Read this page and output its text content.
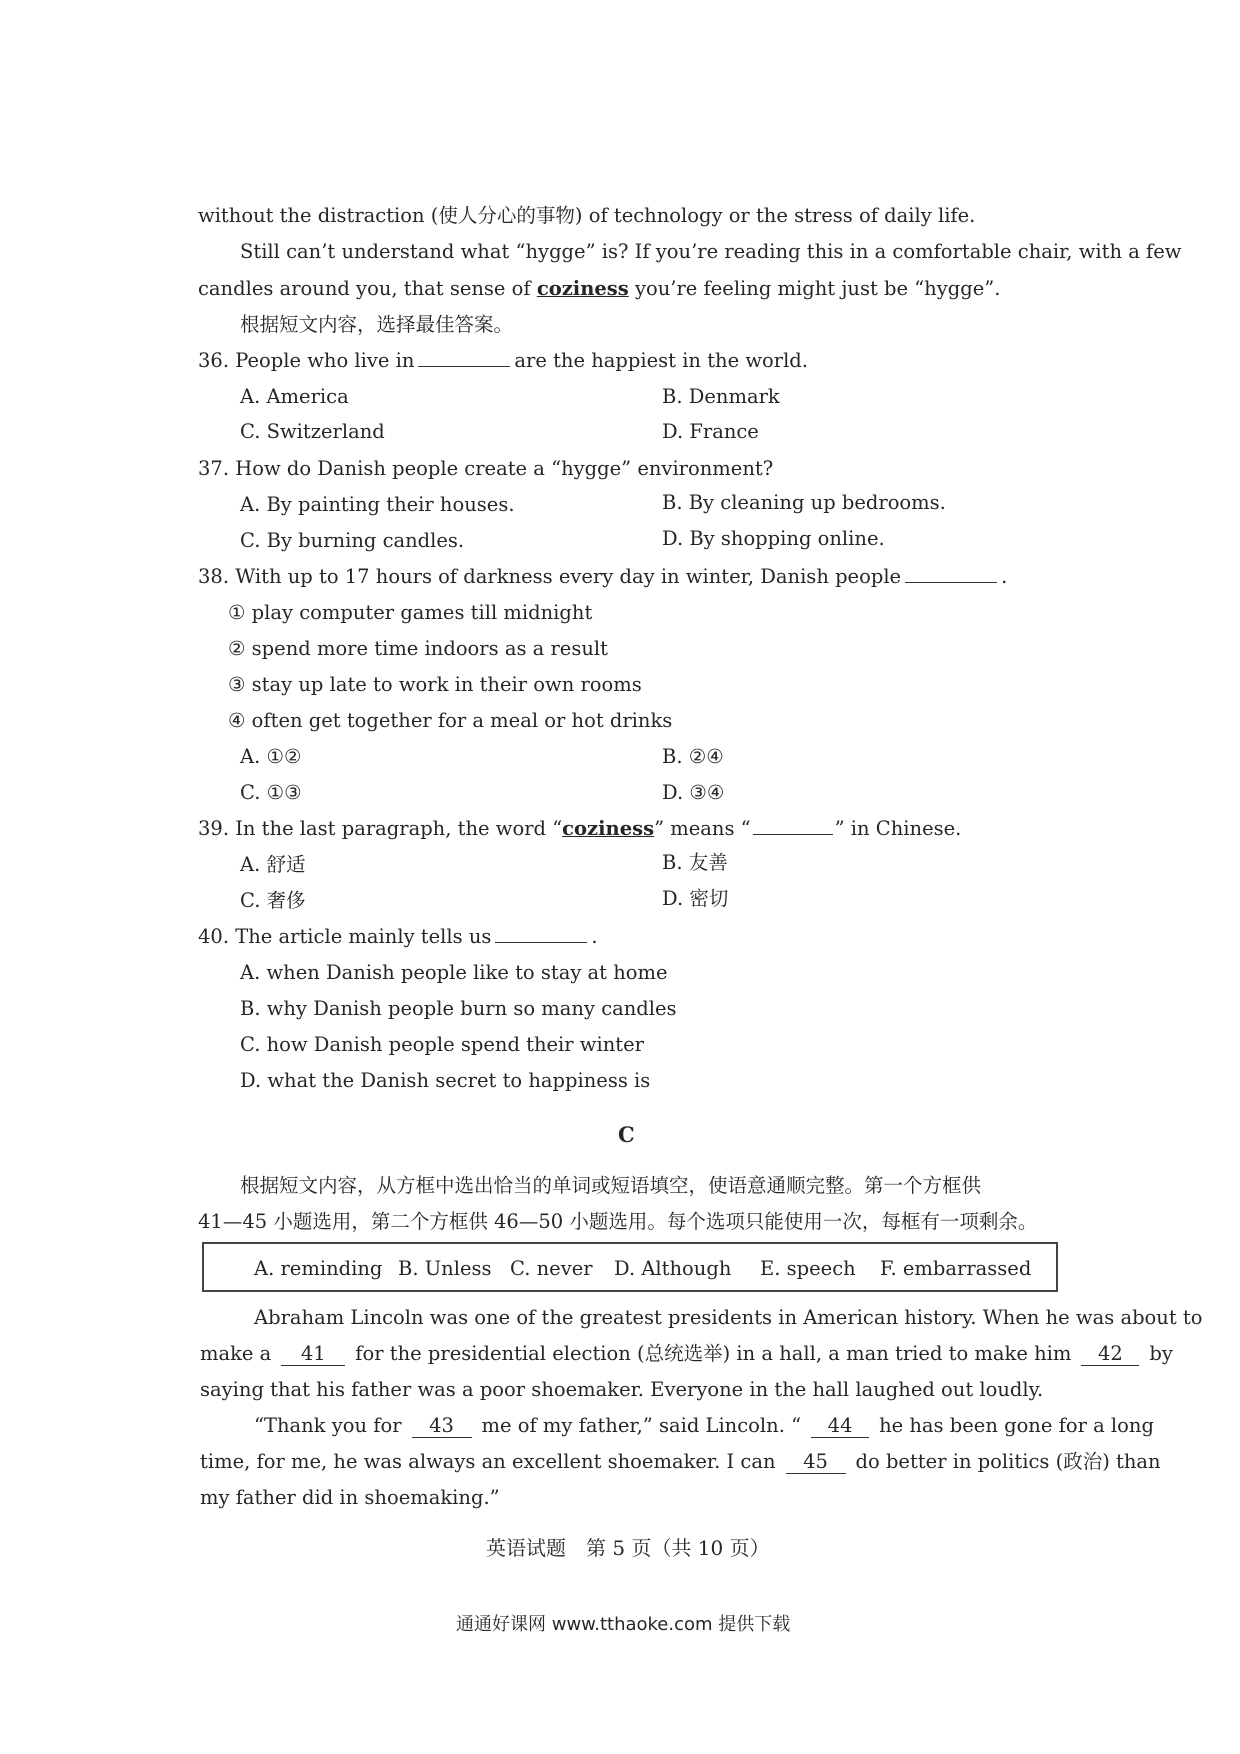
without the distraction (使人分心的事物) of technology or the stress of daily life.
Still can’t understand what “hygge” is? If you’re reading this in a comfortable chair, with a few
candles around you, that sense of coziness you’re feeling might just be “hygge”.
根据短文内容，选择最佳答案。
36. People who live in	are the happiest in the world.
A. America	B. Denmark
C. Switzerland	D. France
37. How do Danish people create a “hygge” environment?
A. By painting their houses.	B. By cleaning up bedrooms.
C. By burning candles.	D. By shopping online.
38. With up to 17 hours of darkness every day in winter, Danish people	.
① play computer games till midnight
② spend more time indoors as a result
③ stay up late to work in their own rooms
④ often get together for a meal or hot drinks
A. ①②	B. ②④
C. ①③	D. ③④
39. In the last paragraph, the word “coziness” means “	” in Chinese.
A. 舒适	B. 友善
C. 奢侈	D. 密切
40. The article mainly tells us	.
A. when Danish people like to stay at home
B. why Danish people burn so many candles
C. how Danish people spend their winter
D. what the Danish secret to happiness is
C
根据短文内容，从方框中选出恰当的单词或短语填空，使语意通顺完整。第一个方框供
41—45 小题选用，第二个方框供 46—50 小题选用。每个选项只能使用一次，每框有一项剩余。
A. reminding B. Unless C. never D. Although E. speech F. embarrassed
Abraham Lincoln was one of the greatest presidents in American history. When he was about to
make a 41 for the presidential election (总统选举) in a hall, a man tried to make him 42 by
saying that his father was a poor shoemaker. Everyone in the hall laughed out loudly.
“Thank you for 43 me of my father,” said Lincoln. “ 44 he has been gone for a long
time, for me, he was always an excellent shoemaker. I can 45 do better in politics (政治) than
my father did in shoemaking.”
英语试题　第 5 页（共 10 页）
通通好课网 www.tthaoke.com 提供下载
